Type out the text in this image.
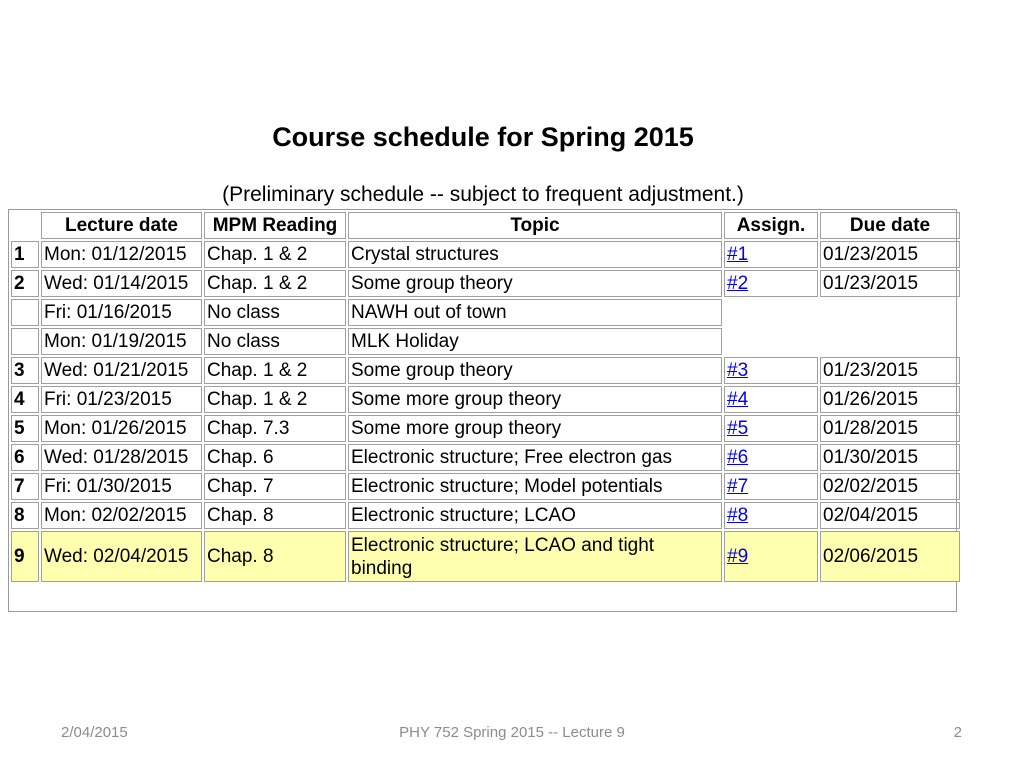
Course schedule for Spring 2015
(Preliminary schedule -- subject to frequent adjustment.)
	Lecture date	MPM Reading	Topic	Assign.	Due date
1	Mon: 01/12/2015	Chap. 1 & 2	Crystal structures	#1	01/23/2015
2	Wed: 01/14/2015	Chap. 1 & 2	Some group theory	#2	01/23/2015
	Fri: 01/16/2015	No class	NAWH out of town		
	Mon: 01/19/2015	No class	MLK Holiday		
3	Wed: 01/21/2015	Chap. 1 & 2	Some group theory	#3	01/23/2015
4	Fri: 01/23/2015	Chap. 1 & 2	Some more group theory	#4	01/26/2015
5	Mon: 01/26/2015	Chap. 7.3	Some more group theory	#5	01/28/2015
6	Wed: 01/28/2015	Chap. 6	Electronic structure; Free electron gas	#6	01/30/2015
7	Fri: 01/30/2015	Chap. 7	Electronic structure; Model potentials	#7	02/02/2015
8	Mon: 02/02/2015	Chap. 8	Electronic structure; LCAO	#8	02/04/2015
9	Wed: 02/04/2015	Chap. 8	Electronic structure; LCAO and tight binding	#9	02/06/2015
2/04/2015	PHY 752 Spring 2015 -- Lecture 9	2
